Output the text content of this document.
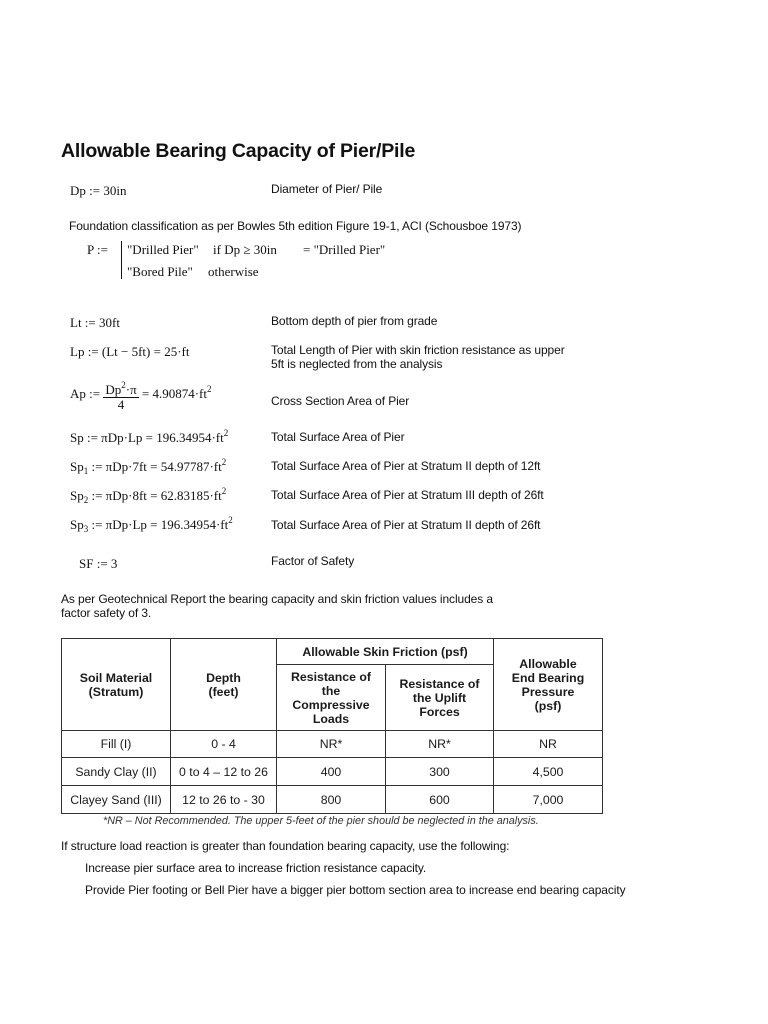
Allowable Bearing Capacity of Pier/Pile
Dp := 30in	Diameter of Pier/ Pile
Foundation classification as per Bowles 5th edition Figure 19-1, ACI (Schousboe 1973)
P := "Drilled Pier" if Dp ≥ 30in = "Drilled Pier"
"Bored Pile" otherwise
Lt := 30ft	Bottom depth of pier from grade
Lp := (Lt − 5ft) = 25·ft	Total Length of Pier with skin friction resistance as upper
5ft is neglected from the analysis
Ap := $\frac{Dp^2\cdot\pi}{4} = 4.90874\cdot ft^2$
Cross Section Area of Pier
Sp := $\pi Dp\cdot Lp = 196.34954\cdot ft^2$	Total Surface Area of Pier
$Sp_1$ := $\pi Dp\cdot 7ft = 54.97787\cdot ft^2$	Total Surface Area of Pier at Stratum II depth of 12ft
$Sp_2$ := $\pi Dp\cdot 8ft = 62.83185\cdot ft^2$	Total Surface Area of Pier at Stratum III depth of 26ft
$Sp_3$ := $\pi Dp\cdot Lp = 196.34954\cdot ft^2$	Total Surface Area of Pier at Stratum II depth of 26ft
SF := 3	Factor of Safety
As per Geotechnical Report the bearing capacity and skin friction values includes a
factor safety of 3.
Soil Material (Stratum)	Depth (feet)	Allowable Skin Friction (psf)		Allowable End Bearing Pressure (psf)
		Resistance of the Compressive Loads	Resistance of the Uplift Forces	
Fill (I)	0 - 4	NR*	NR*	NR
Sandy Clay (II)	0 to 4 – 12 to 26	400	300	4,500
Clayey Sand (III)	12 to 26 to - 30	800	600	7,000
*NR – Not Recommended. The upper 5-feet of the pier should be neglected in the analysis.
If structure load reaction is greater than foundation bearing capacity, use the following:
Increase pier surface area to increase friction resistance capacity.
Provide Pier footing or Bell Pier have a bigger pier bottom section area to increase end bearing capacity
